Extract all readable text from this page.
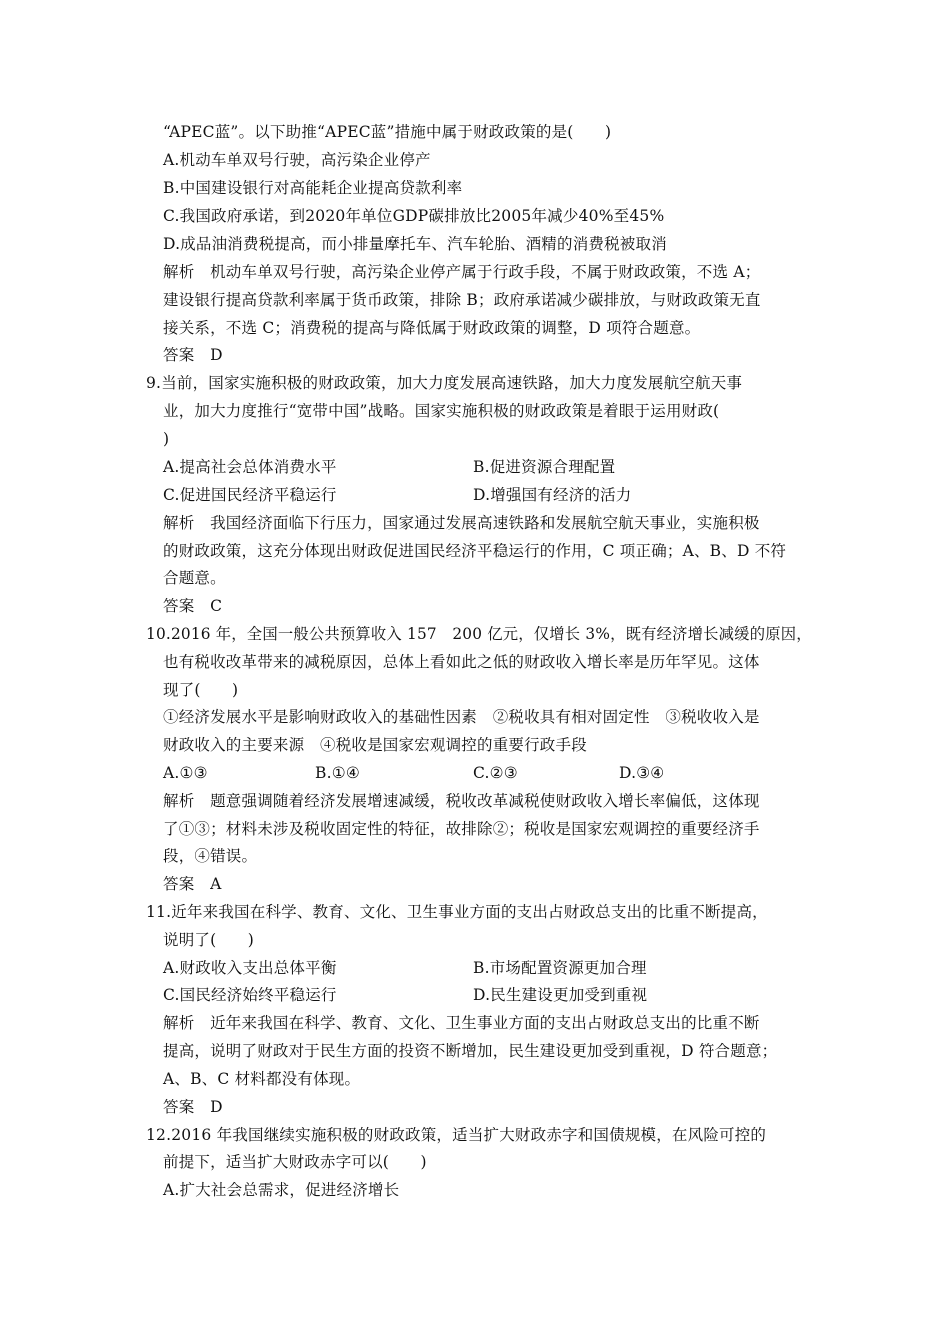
“APEC蓝”。以下助推“APEC蓝”措施中属于财政政策的是(　　)
A.机动车单双号行驶，高污染企业停产
B.中国建设银行对高能耗企业提高贷款利率
C.我国政府承诺，到2020年单位GDP碳排放比2005年减少40%至45%
D.成品油消费税提高，而小排量摩托车、汽车轮胎、酒精的消费税被取消
解析　机动车单双号行驶，高污染企业停产属于行政手段，不属于财政政策，不选 A；
建设银行提高贷款利率属于货币政策，排除 B；政府承诺减少碳排放，与财政政策无直
接关系，不选 C；消费税的提高与降低属于财政政策的调整，D 项符合题意。
答案　D
9.当前，国家实施积极的财政政策，加大力度发展高速铁路，加大力度发展航空航天事
业，加大力度推行“宽带中国”战略。国家实施积极的财政政策是着眼于运用财政(
)
A.提高社会总体消费水平	B.促进资源合理配置
C.促进国民经济平稳运行	D.增强国有经济的活力
解析　我国经济面临下行压力，国家通过发展高速铁路和发展航空航天事业，实施积极
的财政政策，这充分体现出财政促进国民经济平稳运行的作用，C 项正确；A、B、D 不符
合题意。
答案　C
10.2016 年，全国一般公共预算收入 157　200 亿元，仅增长 3%，既有经济增长减缓的原因，
也有税收改革带来的减税原因，总体上看如此之低的财政收入增长率是历年罕见。这体
现了(　　)
①经济发展水平是影响财政收入的基础性因素　②税收具有相对固定性　③税收收入是
财政收入的主要来源　④税收是国家宏观调控的重要行政手段
A.①③	B.①④	C.②③	D.③④
解析　题意强调随着经济发展增速减缓，税收改革减税使财政收入增长率偏低，这体现
了①③；材料未涉及税收固定性的特征，故排除②；税收是国家宏观调控的重要经济手
段，④错误。
答案　A
11.近年来我国在科学、教育、文化、卫生事业方面的支出占财政总支出的比重不断提高，
说明了(　　)
A.财政收入支出总体平衡	B.市场配置资源更加合理
C.国民经济始终平稳运行	D.民生建设更加受到重视
解析　近年来我国在科学、教育、文化、卫生事业方面的支出占财政总支出的比重不断
提高，说明了财政对于民生方面的投资不断增加，民生建设更加受到重视，D 符合题意；
A、B、C 材料都没有体现。
答案　D
12.2016 年我国继续实施积极的财政政策，适当扩大财政赤字和国债规模，在风险可控的
前提下，适当扩大财政赤字可以(　　)
A.扩大社会总需求，促进经济增长
